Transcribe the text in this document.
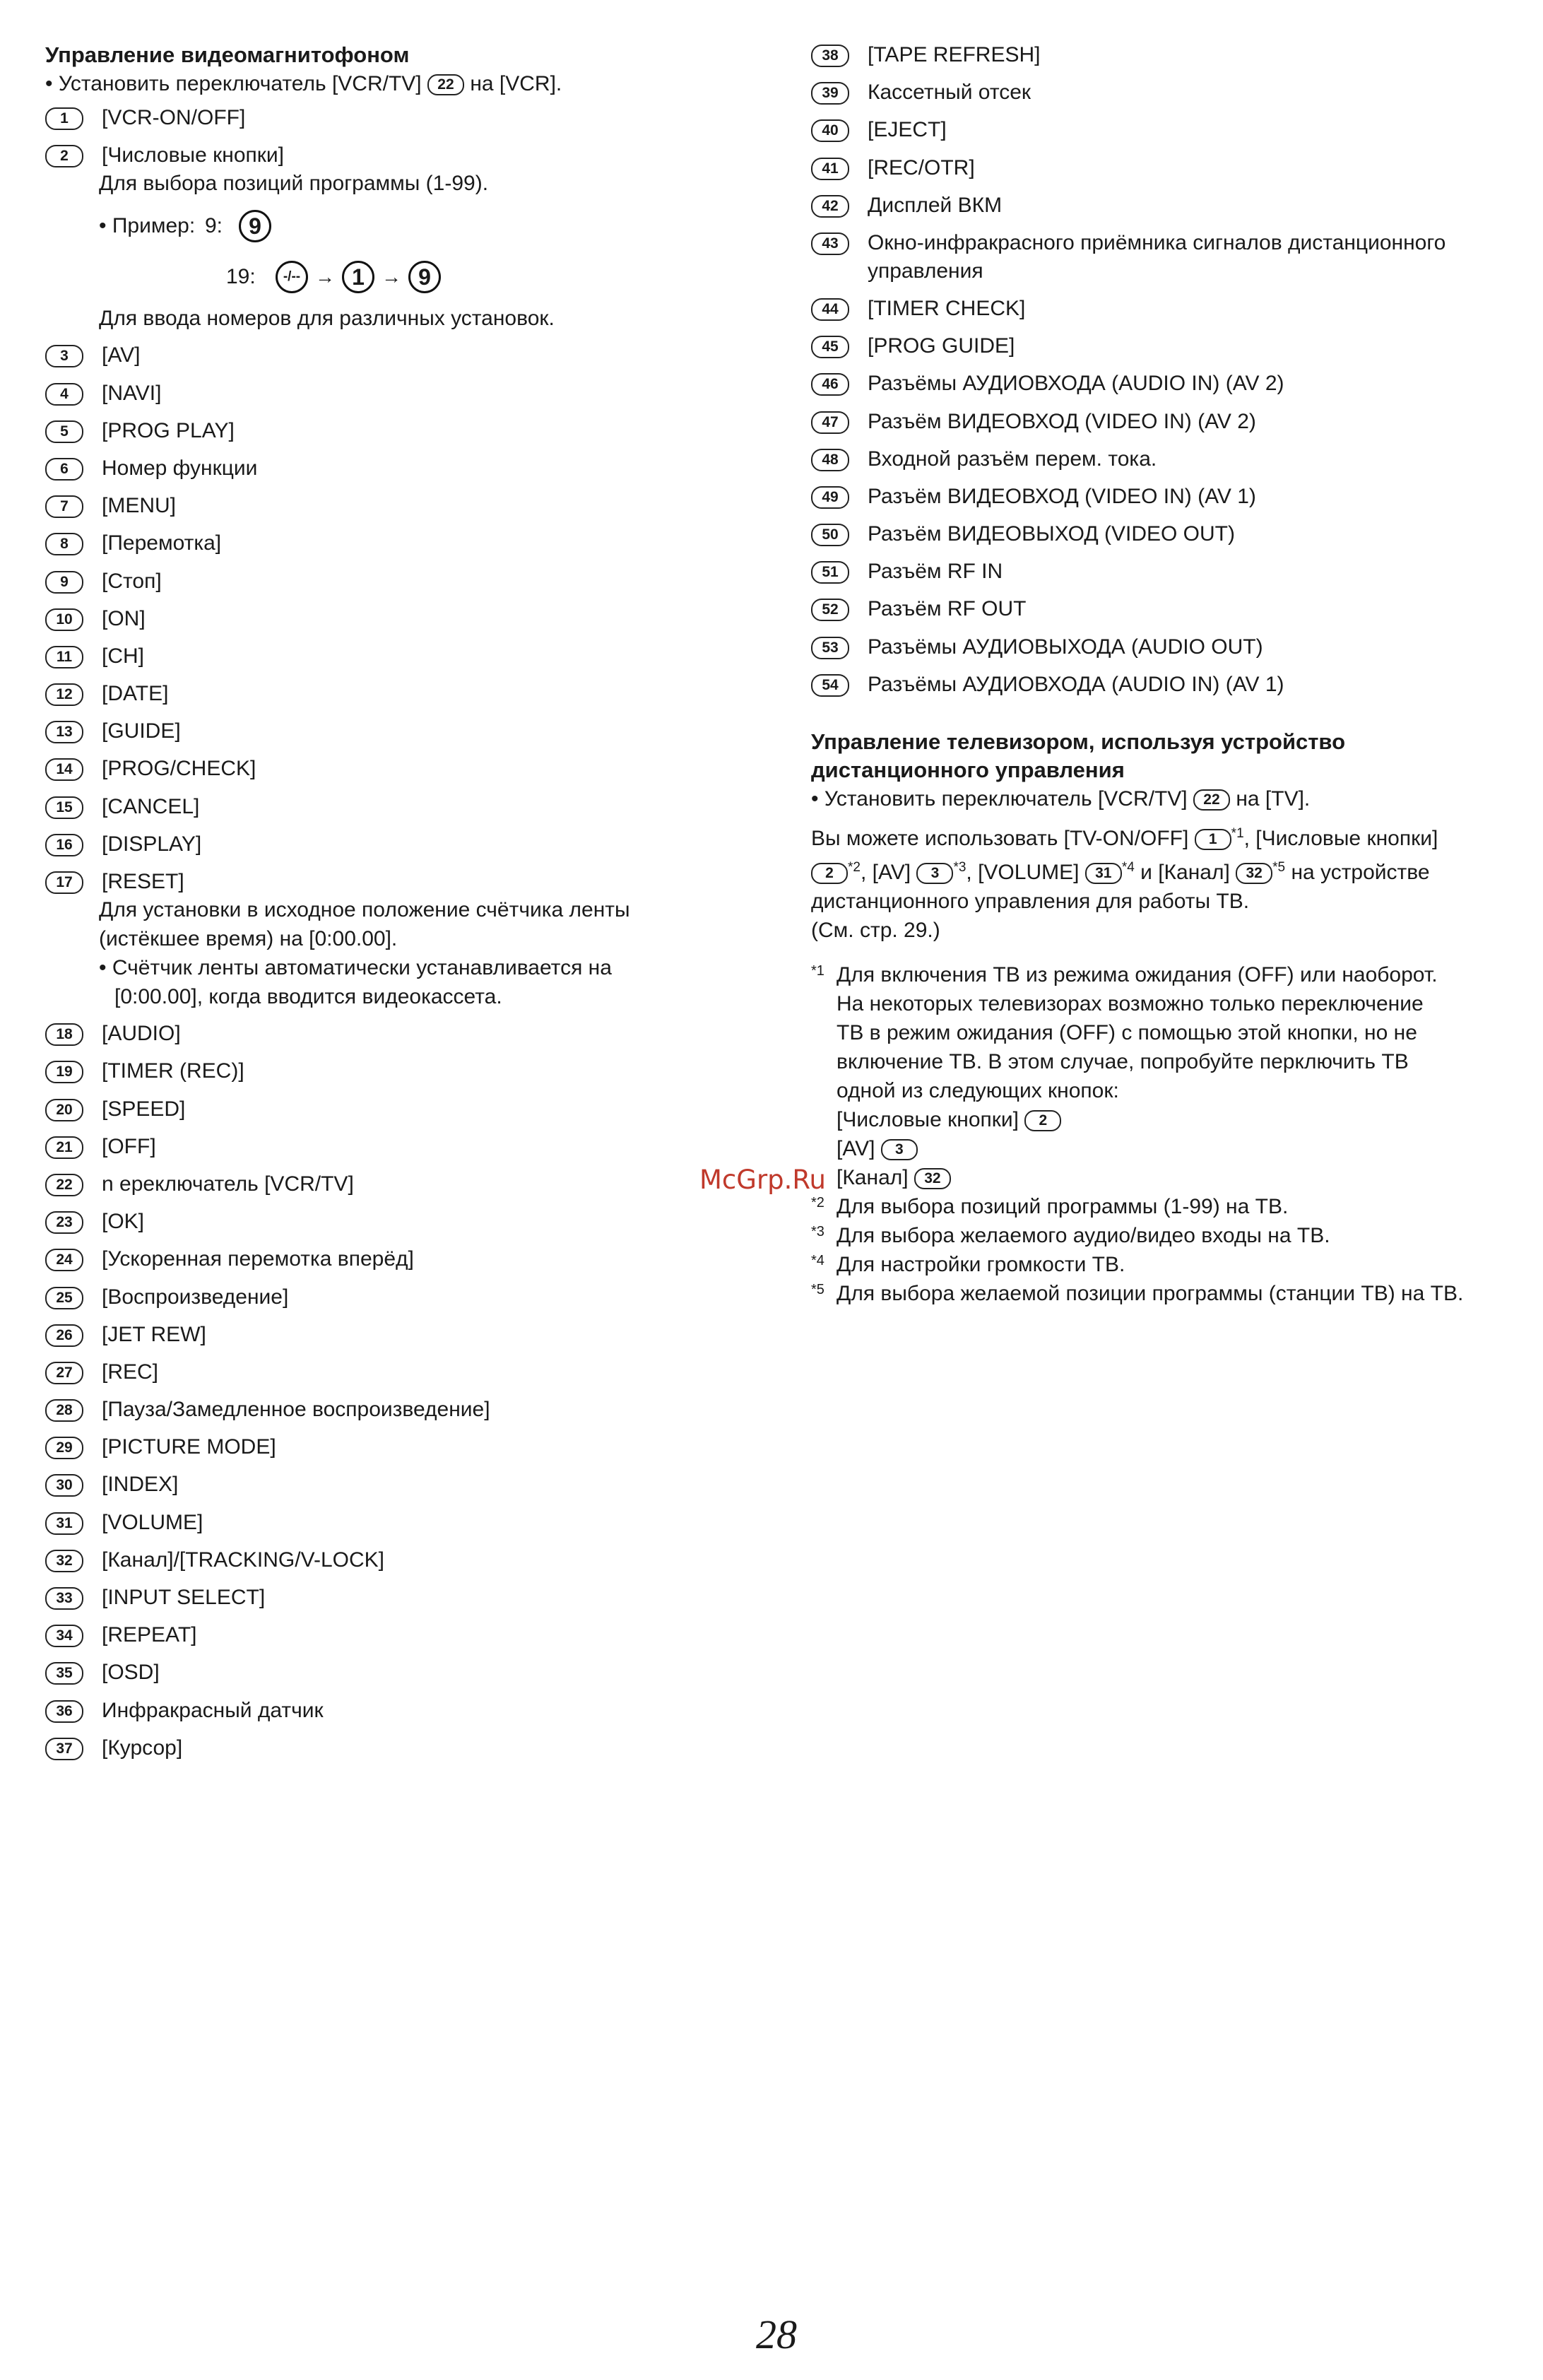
Управление видеомагнитофоном
• Установить переключатель [VCR/TV] 22 на [VCR].
1	[VCR-ON/OFF]
2	[Числовые кнопки]
Для выбора позиций программы (1-99).
• Пример: 9:	9
19:	-/-- → 1 → 9
Для ввода номеров для различных установок.
3	[AV]
4	[NAVI]
5	[PROG PLAY]
6	Номер функции
7	[MENU]
8	[Перемотка]
9	[Стоп]
10	[ON]
11	[CH]
12	[DATE]
13	[GUIDE]
14	[PROG/CHECK]
15	[CANCEL]
16	[DISPLAY]
17	[RESET]
Для установки в исходное положение счётчика ленты
(истёкшее время) на [0:00.00].
• Счётчик ленты автоматически устанавливается на
[0:00.00], когда вводится видеокассета.
18	[AUDIO]
19	[TIMER (REC)]
20	[SPEED]
21	[OFF]
22	n ереключатель [VCR/TV]
23	[OK]
24	[Ускоренная перемотка вперёд]
25	[Воспроизведение]
26	[JET REW]
27	[REC]
28	[Пауза/Замедленное воспроизведение]
29	[PICTURE MODE]
30	[INDEX]
31	[VOLUME]
32	[Канал]/[TRACKING/V-LOCK]
33	[INPUT SELECT]
34	[REPEAT]
35	[OSD]
36	Инфракрасный датчик
37	[Курсор]
38	[TAPE REFRESH]
39	Кассетный отсек
40	[EJECT]
41	[REC/OTR]
42	Дисплей ВКМ
43	Окно-инфракрасного приёмника сигналов дистанционного
управления
44	[TIMER CHECK]
45	[PROG GUIDE]
46	Разъёмы АУДИОВХОДА (AUDIO IN) (AV 2)
47	Разъём ВИДЕОВХОД (VIDEO IN) (AV 2)
48	Входной разъём перем. тока.
49	Разъём ВИДЕОВХОД (VIDEO IN) (AV 1)
50	Разъём ВИДЕОВЫХОД (VIDEO OUT)
51	Разъём RF IN
52	Разъём RF OUT
53	Разъёмы АУДИОВЫХОДА (AUDIO OUT)
54	Разъёмы АУДИОВХОДА (AUDIO IN) (AV 1)
Управление телевизором, используя устройство
дистанционного управления
• Установить переключатель [VCR/TV] 22 на [TV].

Вы можете использовать [TV-ON/OFF] 1 $^{*1}$, [Числовые кнопки]
2 $^{*2}$, [AV] 3 $^{*3}$, [VOLUME] 31 $^{*4}$ и [Канал] 32 $^{*5}$ на устройстве
дистанционного управления для работы ТВ.
(См. стр. 29.)

*1 Для включения ТВ из режима ожидания (OFF) или наоборот.
На некоторых телевизорах возможно только переключение
ТВ в режим ожидания (OFF) с помощью этой кнопки, но не
включение ТВ. В этом случае, попробуйте перключить ТВ
одной из следующих кнопок:
[Числовые кнопки] 2
[AV] 3
[Канал] 32
*2 Для выбора позиций программы (1-99) на ТВ.
*3 Для выбора желаемого аудио/видео входы на ТВ.
*4 Для настройки громкости ТВ.
*5 Для выбора желаемой позиции программы (станции ТВ) на ТВ.
McGrp.Ru
28
